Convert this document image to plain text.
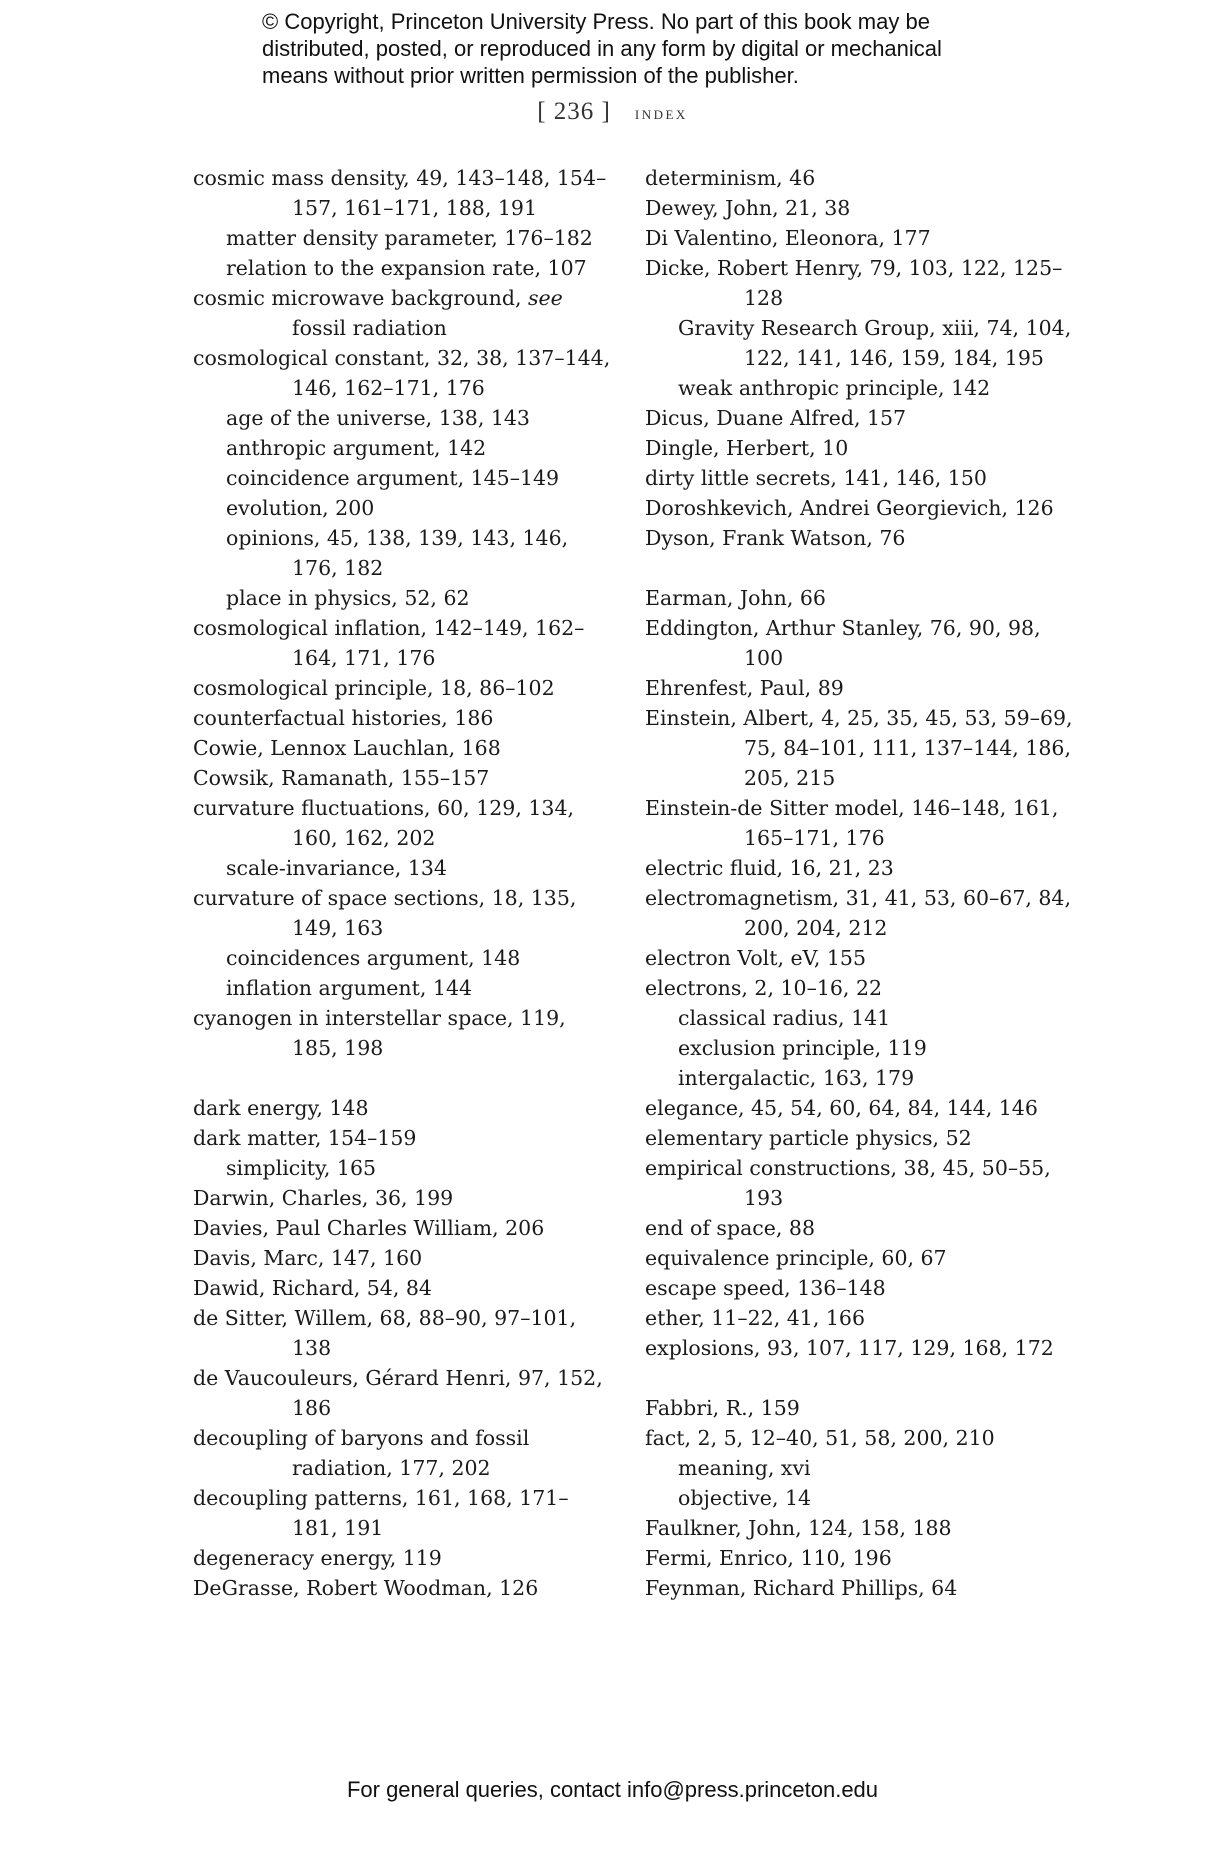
© Copyright, Princeton University Press. No part of this book may be
distributed, posted, or reproduced in any form by digital or mechanical
means without prior written permission of the publisher.
[ 236 ] index

cosmic mass density, 49, 143–148, 154–157, 161–171, 188, 191

matter density parameter, 176–182

relation to the expansion rate, 107

cosmic microwave background, see fossil radiation

cosmological constant, 32, 38, 137–144, 146, 162–171, 176

age of the universe, 138, 143

anthropic argument, 142

coincidence argument, 145–149

evolution, 200

opinions, 45, 138, 139, 143, 146, 176, 182

place in physics, 52, 62

cosmological inflation, 142–149, 162–164, 171, 176

cosmological principle, 18, 86–102

counterfactual histories, 186

Cowie, Lennox Lauchlan, 168

Cowsik, Ramanath, 155–157

curvature fluctuations, 60, 129, 134, 160, 162, 202

scale-invariance, 134

curvature of space sections, 18, 135, 149, 163

coincidences argument, 148

inflation argument, 144

cyanogen in interstellar space, 119, 185, 198

dark energy, 148

dark matter, 154–159

simplicity, 165

Darwin, Charles, 36, 199

Davies, Paul Charles William, 206

Davis, Marc, 147, 160

Dawid, Richard, 54, 84

de Sitter, Willem, 68, 88–90, 97–101, 138

de Vaucouleurs, Gérard Henri, 97, 152, 186

decoupling of baryons and fossil radiation, 177, 202

decoupling patterns, 161, 168, 171–181, 191

degeneracy energy, 119

DeGrasse, Robert Woodman, 126

determinism, 46

Dewey, John, 21, 38

Di Valentino, Eleonora, 177

Dicke, Robert Henry, 79, 103, 122, 125–128

Gravity Research Group, xiii, 74, 104, 122, 141, 146, 159, 184, 195

weak anthropic principle, 142

Dicus, Duane Alfred, 157

Dingle, Herbert, 10

dirty little secrets, 141, 146, 150

Doroshkevich, Andrei Georgievich, 126

Dyson, Frank Watson, 76

Earman, John, 66

Eddington, Arthur Stanley, 76, 90, 98, 100

Ehrenfest, Paul, 89

Einstein, Albert, 4, 25, 35, 45, 53, 59–69, 75, 84–101, 111, 137–144, 186, 205, 215

Einstein-de Sitter model, 146–148, 161, 165–171, 176

electric fluid, 16, 21, 23

electromagnetism, 31, 41, 53, 60–67, 84, 200, 204, 212

electron Volt, eV, 155

electrons, 2, 10–16, 22

classical radius, 141

exclusion principle, 119

intergalactic, 163, 179

elegance, 45, 54, 60, 64, 84, 144, 146

elementary particle physics, 52

empirical constructions, 38, 45, 50–55, 193

end of space, 88

equivalence principle, 60, 67

escape speed, 136–148

ether, 11–22, 41, 166

explosions, 93, 107, 117, 129, 168, 172

Fabbri, R., 159

fact, 2, 5, 12–40, 51, 58, 200, 210

meaning, xvi

objective, 14

Faulkner, John, 124, 158, 188

Fermi, Enrico, 110, 196

Feynman, Richard Phillips, 64

For general queries, contact info@press.princeton.edu
